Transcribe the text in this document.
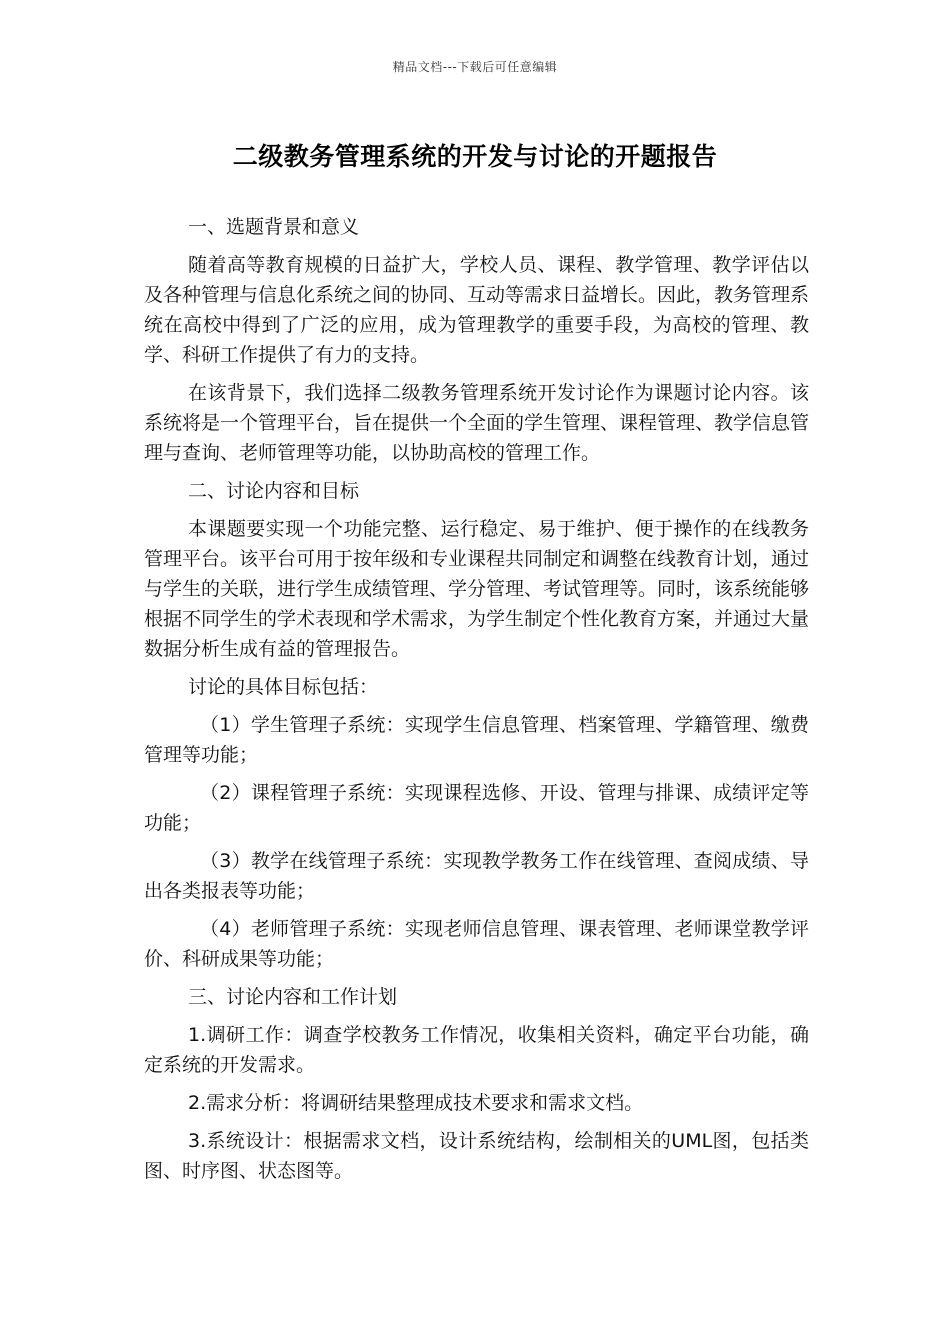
精品文档---下载后可任意编辑
二级教务管理系统的开发与讨论的开题报告

一、选题背景和意义

随着高等教育规模的日益扩大，学校人员、课程、教学管理、教学评估以及各种管理与信息化系统之间的协同、互动等需求日益增长。因此，教务管理系统在高校中得到了广泛的应用，成为管理教学的重要手段，为高校的管理、教学、科研工作提供了有力的支持。

在该背景下，我们选择二级教务管理系统开发讨论作为课题讨论内容。该系统将是一个管理平台，旨在提供一个全面的学生管理、课程管理、教学信息管理与查询、老师管理等功能，以协助高校的管理工作。

二、讨论内容和目标

本课题要实现一个功能完整、运行稳定、易于维护、便于操作的在线教务管理平台。该平台可用于按年级和专业课程共同制定和调整在线教育计划，通过与学生的关联，进行学生成绩管理、学分管理、考试管理等。同时，该系统能够根据不同学生的学术表现和学术需求，为学生制定个性化教育方案，并通过大量数据分析生成有益的管理报告。

讨论的具体目标包括：

（1）学生管理子系统：实现学生信息管理、档案管理、学籍管理、缴费管理等功能；

（2）课程管理子系统：实现课程选修、开设、管理与排课、成绩评定等功能；

（3）教学在线管理子系统：实现教学教务工作在线管理、查阅成绩、导出各类报表等功能；

（4）老师管理子系统：实现老师信息管理、课表管理、老师课堂教学评价、科研成果等功能；

三、讨论内容和工作计划

1.调研工作：调查学校教务工作情况，收集相关资料，确定平台功能，确定系统的开发需求。

2.需求分析：将调研结果整理成技术要求和需求文档。

3.系统设计：根据需求文档，设计系统结构，绘制相关的UML图，包括类图、时序图、状态图等。
